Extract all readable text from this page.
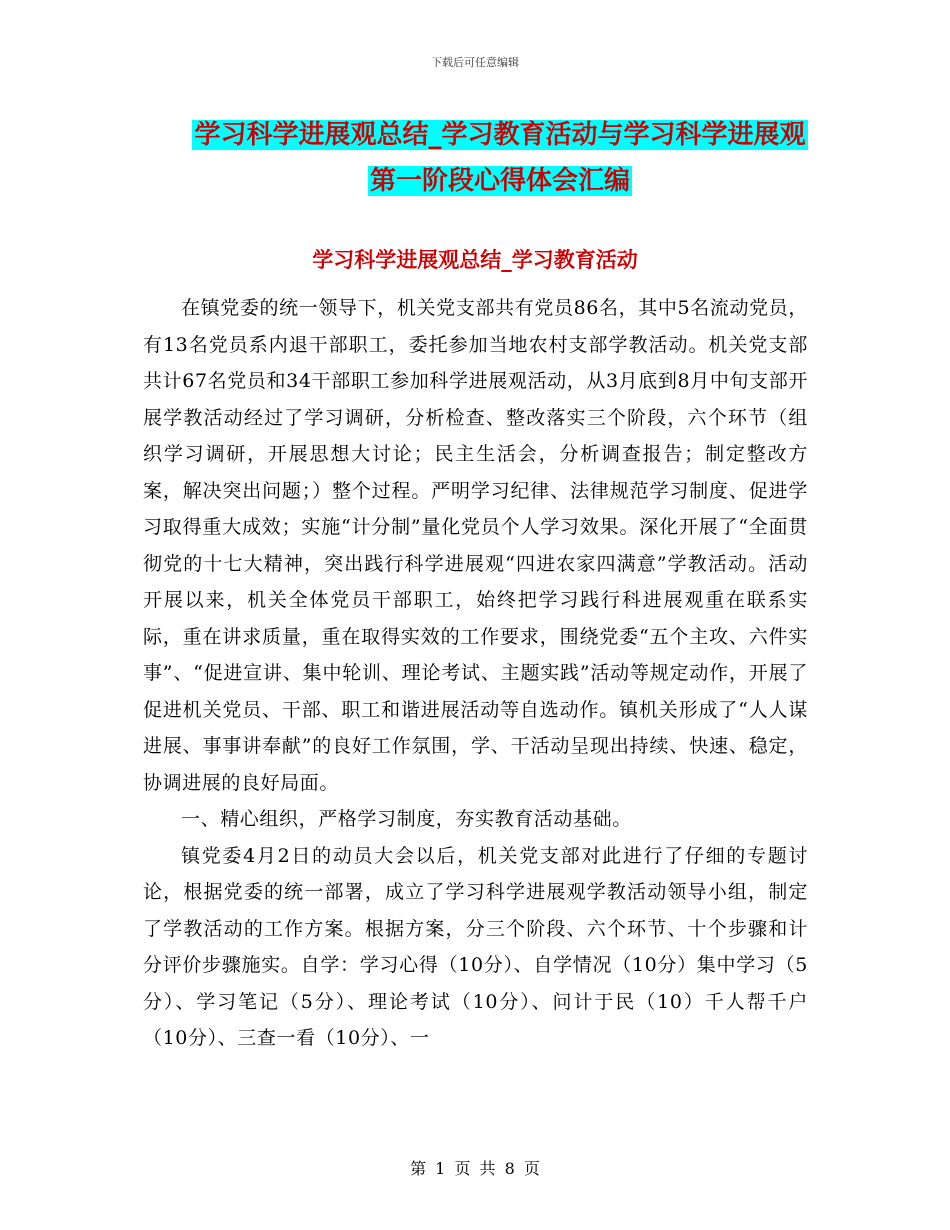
下载后可任意编辑
学习科学进展观总结_学习教育活动与学习科学进展观
第一阶段心得体会汇编
学习科学进展观总结_学习教育活动

在镇党委的统一领导下，机关党支部共有党员86名，其中5名流动党员，有13名党员系内退干部职工，委托参加当地农村支部学教活动。机关党支部共计67名党员和34干部职工参加科学进展观活动，从3月底到8月中旬支部开展学教活动经过了学习调研，分析检查、整改落实三个阶段，六个环节（组织学习调研，开展思想大讨论；民主生活会，分析调查报告；制定整改方案，解决突出问题；）整个过程。严明学习纪律、法律规范学习制度、促进学习取得重大成效；实施“计分制”量化党员个人学习效果。深化开展了“全面贯彻党的十七大精神，突出践行科学进展观“四进农家四满意”学教活动。活动开展以来，机关全体党员干部职工，始终把学习践行科进展观重在联系实际，重在讲求质量，重在取得实效的工作要求，围绕党委“五个主攻、六件实事”、“促进宣讲、集中轮训、理论考试、主题实践”活动等规定动作，开展了促进机关党员、干部、职工和谐进展活动等自选动作。镇机关形成了“人人谋进展、事事讲奉献”的良好工作氛围，学、干活动呈现出持续、快速、稳定，协调进展的良好局面。

一、精心组织，严格学习制度，夯实教育活动基础。

镇党委4月2日的动员大会以后，机关党支部对此进行了仔细的专题讨论，根据党委的统一部署，成立了学习科学进展观学教活动领导小组，制定了学教活动的工作方案。根据方案，分三个阶段、六个环节、十个步骤和计分评价步骤施实。自学：学习心得（10分）、自学情况（10分）集中学习（5分）、学习笔记（5分）、理论考试（10分）、问计于民（10）千人帮千户（10分）、三查一看（10分）、一

第 1 页 共 8 页
